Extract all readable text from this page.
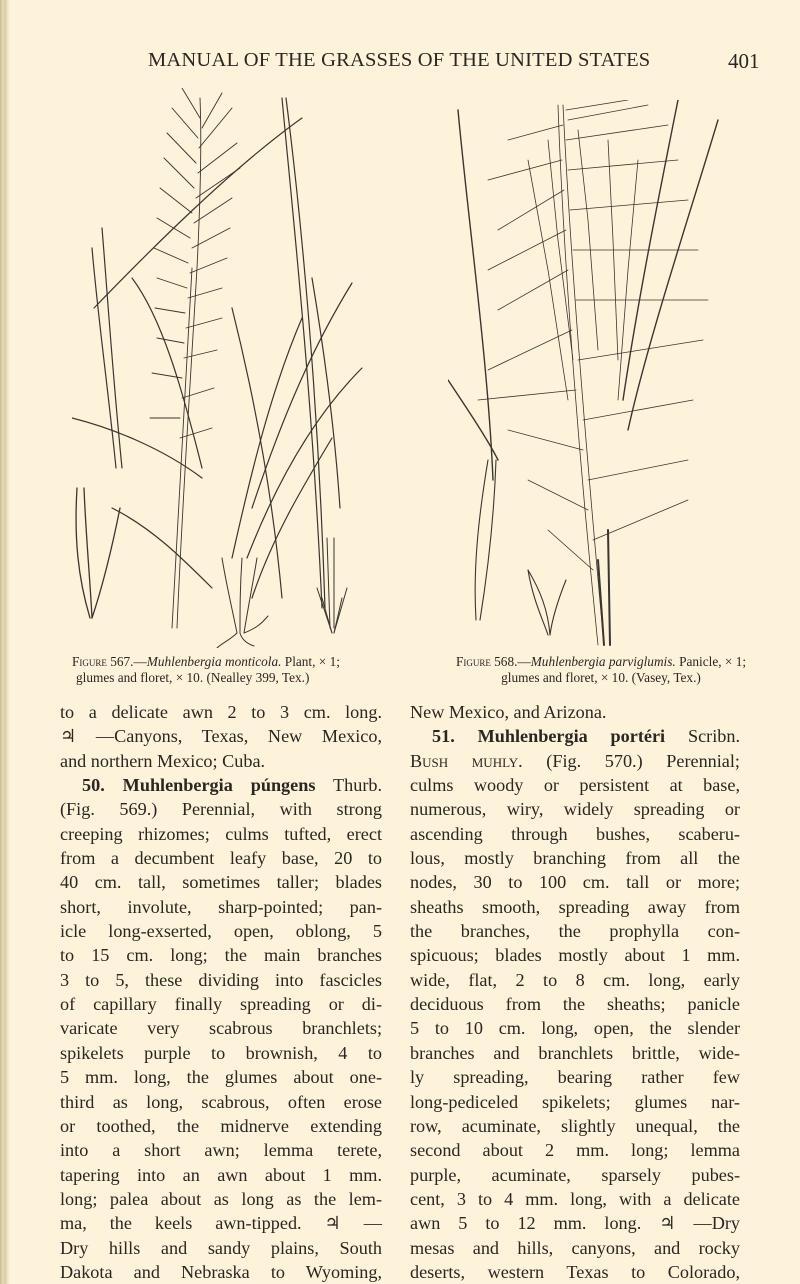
MANUAL OF THE GRASSES OF THE UNITED STATES	401
Figure 567.—Muhlenbergia monticola. Plant, × 1;
glumes and floret, × 10. (Nealley 399, Tex.)
Figure 568.—Muhlenbergia parviglumis. Panicle, × 1;
glumes and floret, × 10. (Vasey, Tex.)
to a delicate awn 2 to 3 cm. long.
♃ —Canyons, Texas, New Mexico,
and northern Mexico; Cuba.
50. Muhlenbergia púngens Thurb.
(Fig. 569.) Perennial, with strong
creeping rhizomes; culms tufted, erect
from a decumbent leafy base, 20 to
40 cm. tall, sometimes taller; blades
short, involute, sharp-pointed; pan-
icle long-exserted, open, oblong, 5
to 15 cm. long; the main branches
3 to 5, these dividing into fascicles
of capillary finally spreading or di-
varicate very scabrous branchlets;
spikelets purple to brownish, 4 to
5 mm. long, the glumes about one-
third as long, scabrous, often erose
or toothed, the midnerve extending
into a short awn; lemma terete,
tapering into an awn about 1 mm.
long; palea about as long as the lem-
ma, the keels awn-tipped. ♃ —
Dry hills and sandy plains, South
Dakota and Nebraska to Wyoming,
New Mexico, and Arizona.
51. Muhlenbergia portéri Scribn.
Bush muhly. (Fig. 570.) Perennial;
culms woody or persistent at base,
numerous, wiry, widely spreading or
ascending through bushes, scaberu-
lous, mostly branching from all the
nodes, 30 to 100 cm. tall or more;
sheaths smooth, spreading away from
the branches, the prophylla con-
spicuous; blades mostly about 1 mm.
wide, flat, 2 to 8 cm. long, early
deciduous from the sheaths; panicle
5 to 10 cm. long, open, the slender
branches and branchlets brittle, wide-
ly spreading, bearing rather few
long-pediceled spikelets; glumes nar-
row, acuminate, slightly unequal, the
second about 2 mm. long; lemma
purple, acuminate, sparsely pubes-
cent, 3 to 4 mm. long, with a delicate
awn 5 to 12 mm. long. ♃ —Dry
mesas and hills, canyons, and rocky
deserts, western Texas to Colorado,
